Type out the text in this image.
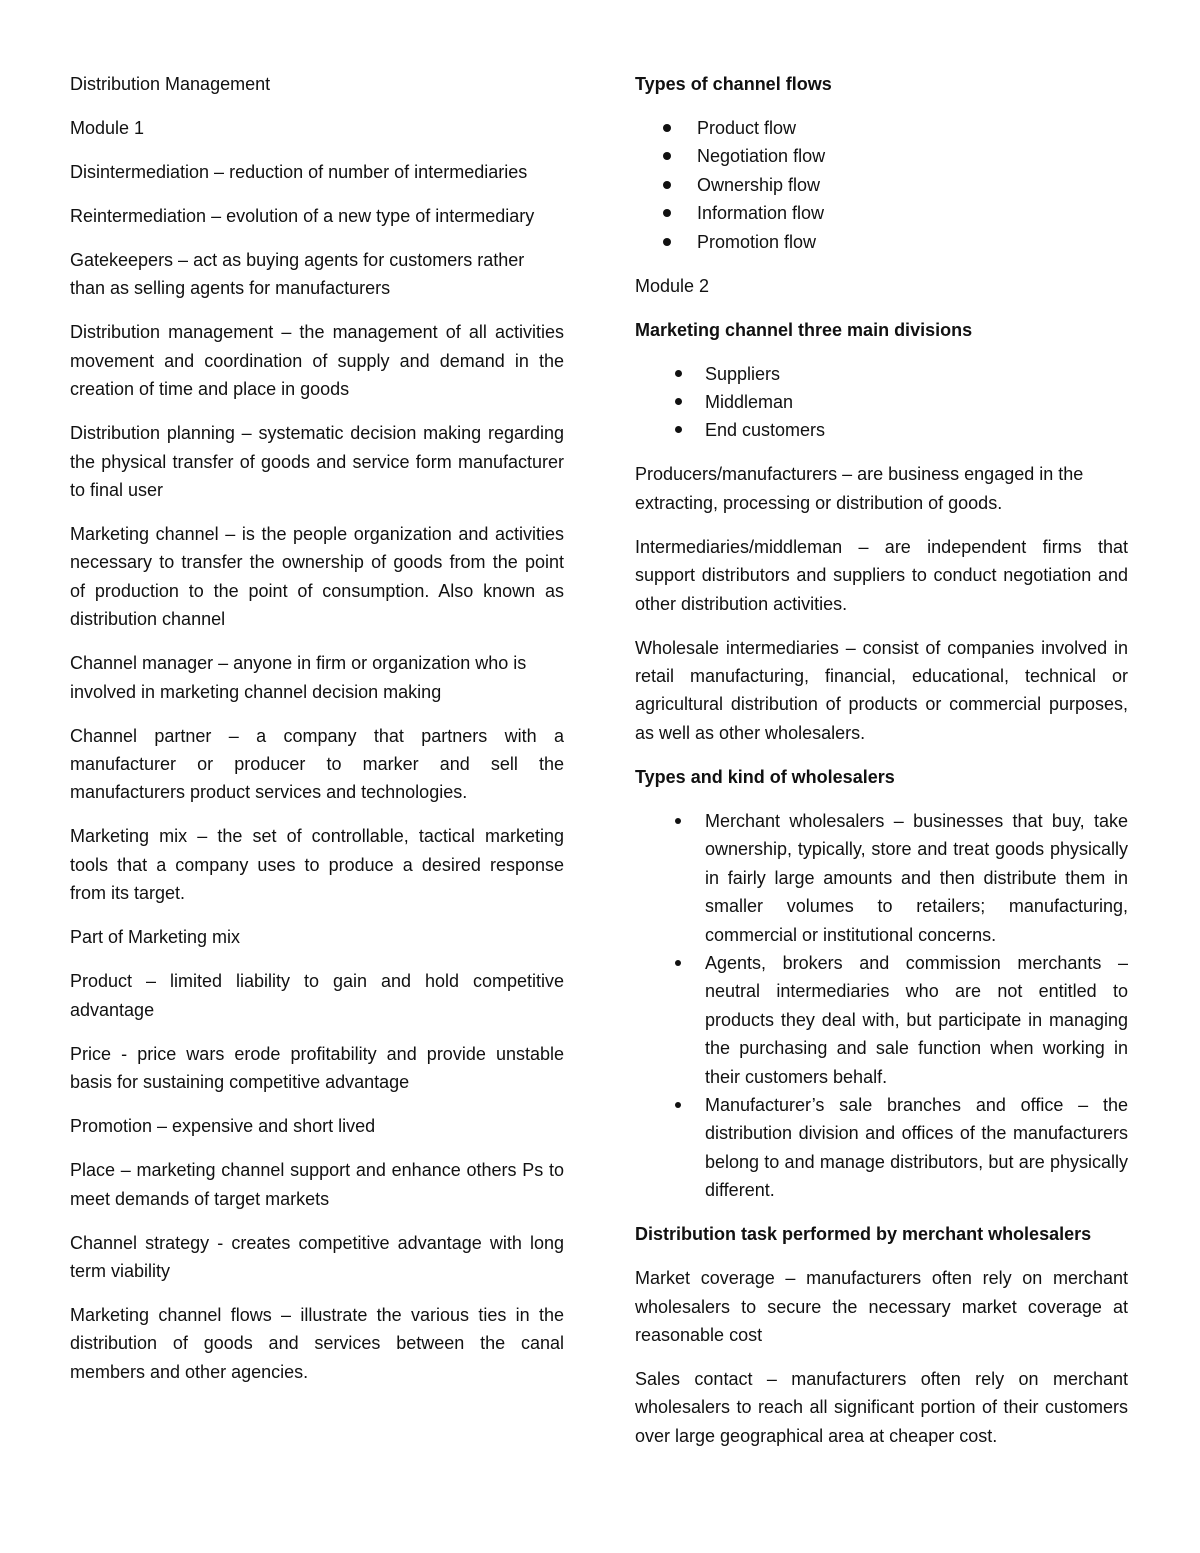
Distribution Management

Module 1

Disintermediation – reduction of number of intermediaries

Reintermediation – evolution of a new type of intermediary

Gatekeepers – act as buying agents for customers rather than as selling agents for manufacturers

Distribution management – the management of all activities movement and coordination of supply and demand in the creation of time and place in goods

Distribution planning – systematic decision making regarding the physical transfer of goods and service form manufacturer to final user

Marketing channel – is the people organization and activities necessary to transfer the ownership of goods from the point of production to the point of consumption. Also known as distribution channel

Channel manager – anyone in firm or organization who is involved in marketing channel decision making

Channel partner – a company that partners with a manufacturer or producer to marker and sell the manufacturers product services and technologies.

Marketing mix – the set of controllable, tactical marketing tools that a company uses to produce a desired response from its target.

Part of Marketing mix

Product – limited liability to gain and hold competitive advantage

Price - price wars erode profitability and provide unstable basis for sustaining competitive advantage

Promotion – expensive and short lived

Place – marketing channel support and enhance others Ps to meet demands of target markets

Channel strategy - creates competitive advantage with long term viability

Marketing channel flows – illustrate the various ties in the distribution of goods and services between the canal members and other agencies.

Types of channel flows

Product flow
Negotiation flow
Ownership flow
Information flow
Promotion flow

Module 2

Marketing channel three main divisions

Suppliers
Middleman
End customers

Producers/manufacturers – are business engaged in the extracting, processing or distribution of goods.

Intermediaries/middleman – are independent firms that support distributors and suppliers to conduct negotiation and other distribution activities.

Wholesale intermediaries – consist of companies involved in retail manufacturing, financial, educational, technical or agricultural distribution of products or commercial purposes, as well as other wholesalers.

Types and kind of wholesalers

Merchant wholesalers – businesses that buy, take ownership, typically, store and treat goods physically in fairly large amounts and then distribute them in smaller volumes to retailers; manufacturing, commercial or institutional concerns.
Agents, brokers and commission merchants – neutral intermediaries who are not entitled to products they deal with, but participate in managing the purchasing and sale function when working in their customers behalf.
Manufacturer’s sale branches and office – the distribution division and offices of the manufacturers belong to and manage distributors, but are physically different.

Distribution task performed by merchant wholesalers

Market coverage – manufacturers often rely on merchant wholesalers to secure the necessary market coverage at reasonable cost

Sales contact – manufacturers often rely on merchant wholesalers to reach all significant portion of their customers over large geographical area at cheaper cost.
